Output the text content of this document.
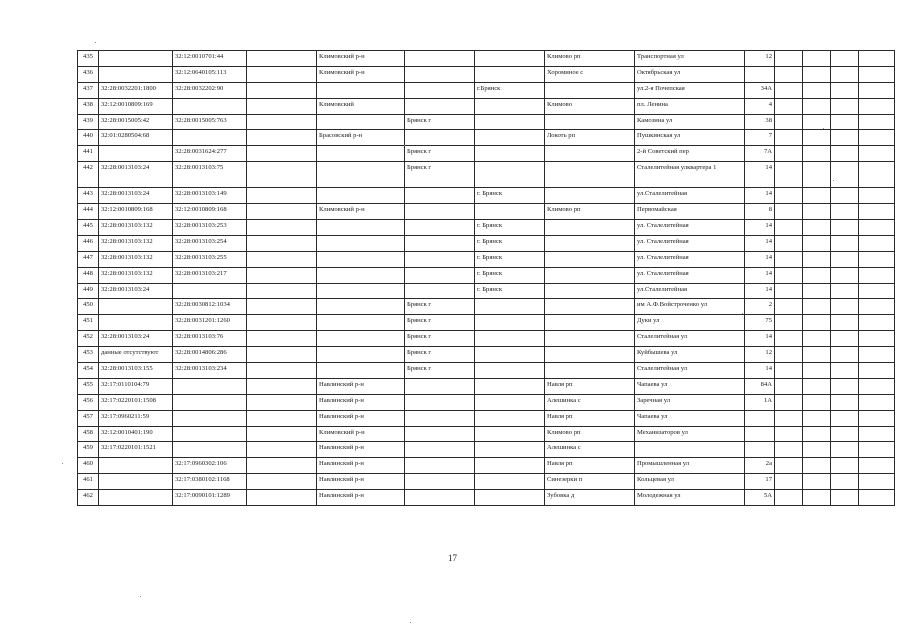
435		32:12:0010701:44		Климовский р-н			Климово рп	Транспортная ул	12				
436		32:12:0640105:113		Климовский р-н			Хороминое с	Октябрьская ул					
437	32:28:0032201:1800	32:28:0032202:90				г.Брянск		ул.2-я Почепская	34А				
438	32:12:0010809:169			Климовский			Климово	пл. Ленина	4				
439	32:28:0015005:42	32:28:0015005:763			Брянск г			Камозина ул	38				
440	32:01:0280504:68			Брасовский р-н			Локоть рп	Пушкинская ул	7				
441		32:28:0031624:277			Брянск г			2-й Советский пер	7А				
442	32:28:0013103:24	32:28:0013103:75			Брянск г			Сталелитейная улквартера 1	14				
443	32:28:0013103:24	32:28:0013103:149				г. Брянск		ул.Сталелитейная	14				
444	32:12:0010809:168	32:12:0010809:168		Климовский р-н			Климово рп	Первомайская	8				
445	32:28:0013103:132	32:28:0013103:253				г. Брянск		ул. Сталелитейная	14				
446	32:28:0013103:132	32:28:0013103:254				г. Брянск		ул. Сталелитейная	14				
447	32:28:0013103:132	32:28:0013103:255				г. Брянск		ул. Сталелитейная	14				
448	32:28:0013103:132	32:28:0013103:217				г. Брянск		ул. Сталелитейная	14				
449	32:28:0013103:24					г. Брянск		ул.Сталелитейная	14				
450		32:28:0030812:1034			Брянск г			им А.Ф.Войстроченко ул	2				
451		32:28:0031201:1260			Брянск г			Дуки ул	75				
452	32:28:0013103:24	32:28:0013103:76			Брянск г			Сталелитейная ул	14				
453	данные отсутствуют	32:28:0014806:286			Брянск г			Куйбышева ул	12				
454	32:28:0013103:155	32:28:0013103:234			Брянск г			Сталелитейная ул	14				
455	32:17:0110104:79			Навлинский р-н			Навля рп	Чапаева ул	84А				
456	32:17:0220101:1508			Навлинский р-н			Алешинка с	Заречная ул	1А				
457	32:17:0960211:59			Навлинский р-н			Навля рп	Чапаева ул					
458	32:12:0010401:190			Климовский р-н			Климово рп	Механизаторов ул					
459	32:17:0220101:1521			Навлинский р-н			Алешинка с						
460		32:17:0960302:106		Навлинский р-н			Навля рп	Промышленная ул	2а				
461		32:17:0380102:1168		Навлинский р-н			Синезерки п	Кольцевая ул	17				
462		32:17:0090101:1289		Навлинский р-н			Зубовка д	Молодежная ул	5А				
17
